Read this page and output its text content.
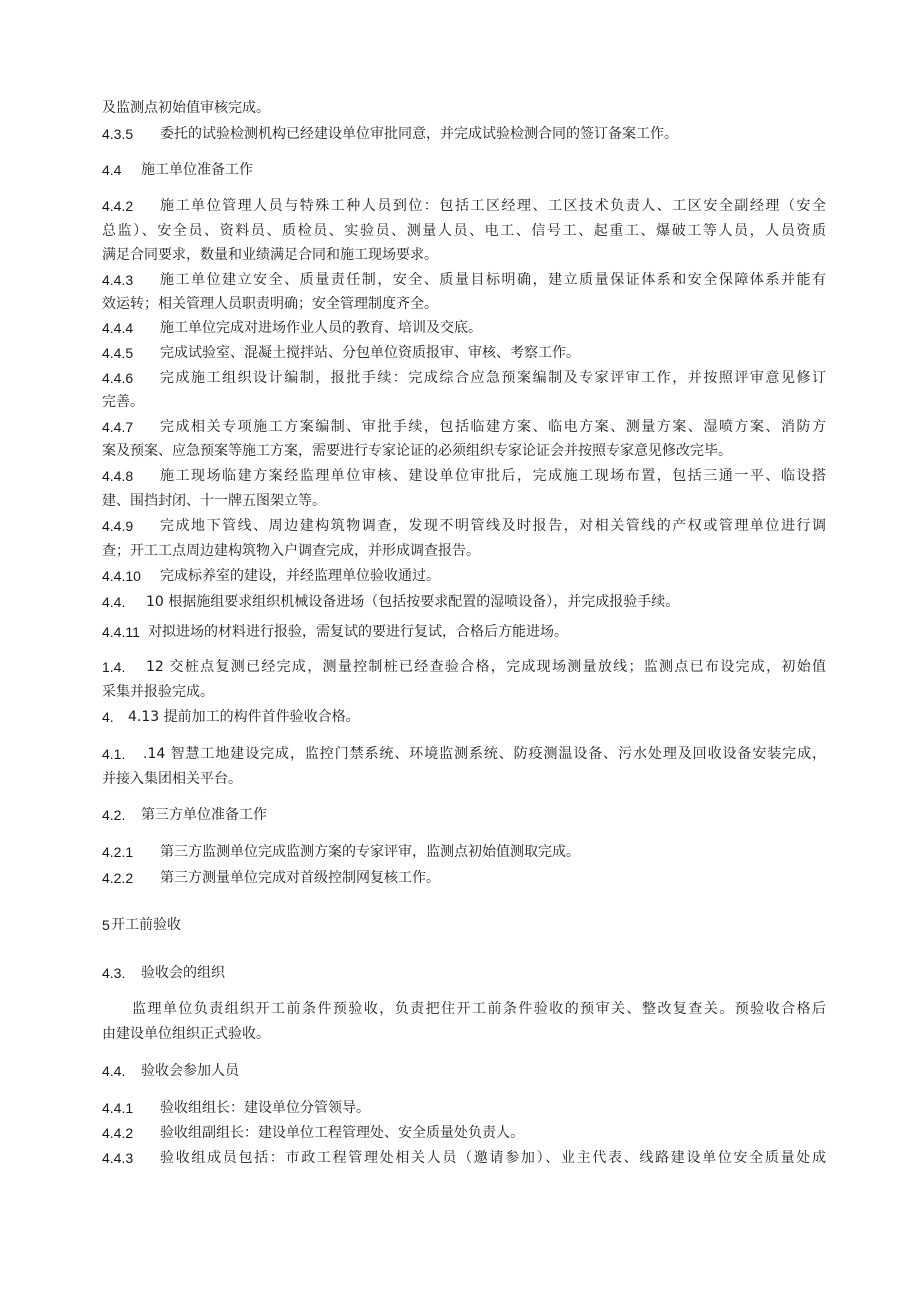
及监测点初始值审核完成。
4.3.5 委托的试验检测机构已经建设单位审批同意，并完成试验检测合同的签订备案工作。
4.4 施工单位准备工作
4.4.2 施工单位管理人员与特殊工种人员到位：包括工区经理、工区技术负责人、工区安全副经理（安全
总监）、安全员、资料员、质检员、实验员、测量人员、电工、信号工、起重工、爆破工等人员，人员资质
满足合同要求，数量和业绩满足合同和施工现场要求。
4.4.3 施工单位建立安全、质量责任制，安全、质量目标明确，建立质量保证体系和安全保障体系并能有
效运转；相关管理人员职责明确；安全管理制度齐全。
4.4.4 施工单位完成对进场作业人员的教育、培训及交底。
4.4.5 完成试验室、混凝土搅拌站、分包单位资质报审、审核、考察工作。
4.4.6 完成施工组织设计编制，报批手续：完成综合应急预案编制及专家评审工作，并按照评审意见修订
完善。
4.4.7 完成相关专项施工方案编制、审批手续，包括临建方案、临电方案、测量方案、湿喷方案、消防方
案及预案、应急预案等施工方案，需要进行专家论证的必须组织专家论证会并按照专家意见修改完毕。
4.4.8 施工现场临建方案经监理单位审核、建设单位审批后，完成施工现场布置，包括三通一平、临设搭
建、围挡封闭、十一牌五图架立等。
4.4.9 完成地下管线、周边建构筑物调查，发现不明管线及时报告，对相关管线的产权或管理单位进行调
查；开工工点周边建构筑物入户调查完成，并形成调查报告。
4.4.10 完成标养室的建设，并经监理单位验收通过。
4.4. 10 根据施组要求组织机械设备进场（包括按要求配置的湿喷设备），并完成报验手续。
4.4.11 对拟进场的材料进行报验，需复试的要进行复试，合格后方能进场。
1.4. 12 交桩点复测已经完成，测量控制桩已经查验合格，完成现场测量放线；监测点已布设完成，初始值
采集并报验完成。
4. 4.13 提前加工的构件首件验收合格。
4.1. .14 智慧工地建设完成，监控门禁系统、环境监测系统、防疫测温设备、污水处理及回收设备安装完成，
并接入集团相关平台。
4.2. 第三方单位准备工作
4.2.1 第三方监测单位完成监测方案的专家评审，监测点初始值测取完成。
4.2.2 第三方测量单位完成对首级控制网复核工作。
5 开工前验收
4.3. 验收会的组织
监理单位负责组织开工前条件预验收，负责把住开工前条件验收的预审关、整改复查关。预验收合格后
由建设单位组织正式验收。
4.4. 验收会参加人员
4.4.1 验收组组长：建设单位分管领导。
4.4.2 验收组副组长：建设单位工程管理处、安全质量处负责人。
4.4.3 验收组成员包括：市政工程管理处相关人员（邀请参加）、业主代表、线路建设单位安全质量处成
